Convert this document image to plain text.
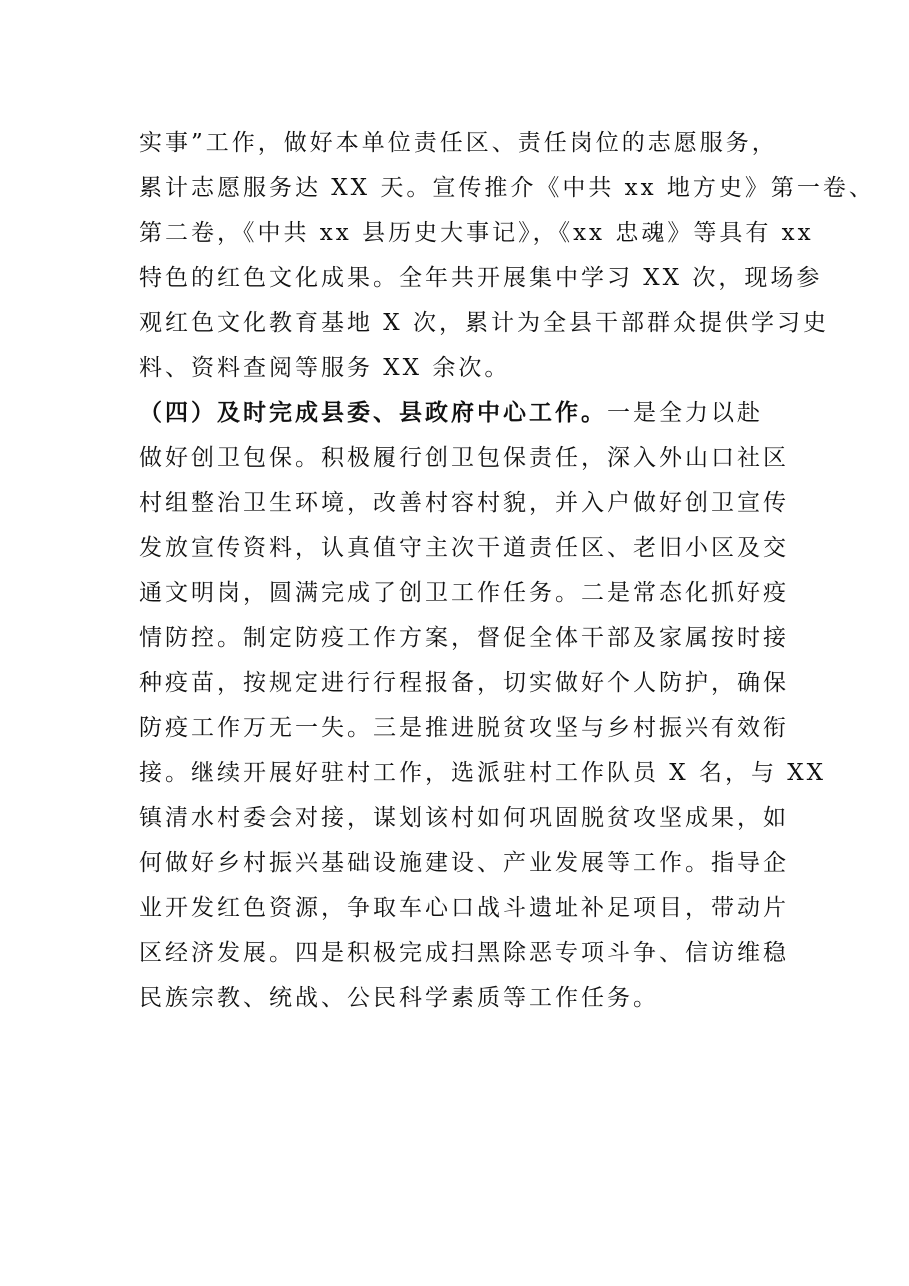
实事”工作，做好本单位责任区、责任岗位的志愿服务，
累计志愿服务达 XX 天。宣传推介《中共 xx 地方史》第一卷、
第二卷，《中共 xx 县历史大事记》，《xx 忠魂》等具有 xx
特色的红色文化成果。全年共开展集中学习 XX 次，现场参
观红色文化教育基地 X 次，累计为全县干部群众提供学习史
料、资料查阅等服务 XX 余次。
（四）及时完成县委、县政府中心工作。一是全力以赴
做好创卫包保。积极履行创卫包保责任，深入外山口社区
村组整治卫生环境，改善村容村貌，并入户做好创卫宣传
发放宣传资料，认真值守主次干道责任区、老旧小区及交
通文明岗，圆满完成了创卫工作任务。二是常态化抓好疫
情防控。制定防疫工作方案，督促全体干部及家属按时接
种疫苗，按规定进行行程报备，切实做好个人防护，确保
防疫工作万无一失。三是推进脱贫攻坚与乡村振兴有效衔
接。继续开展好驻村工作，选派驻村工作队员 X 名，与 XX
镇清水村委会对接，谋划该村如何巩固脱贫攻坚成果，如
何做好乡村振兴基础设施建设、产业发展等工作。指导企
业开发红色资源，争取车心口战斗遗址补足项目，带动片
区经济发展。四是积极完成扫黑除恶专项斗争、信访维稳
民族宗教、统战、公民科学素质等工作任务。
